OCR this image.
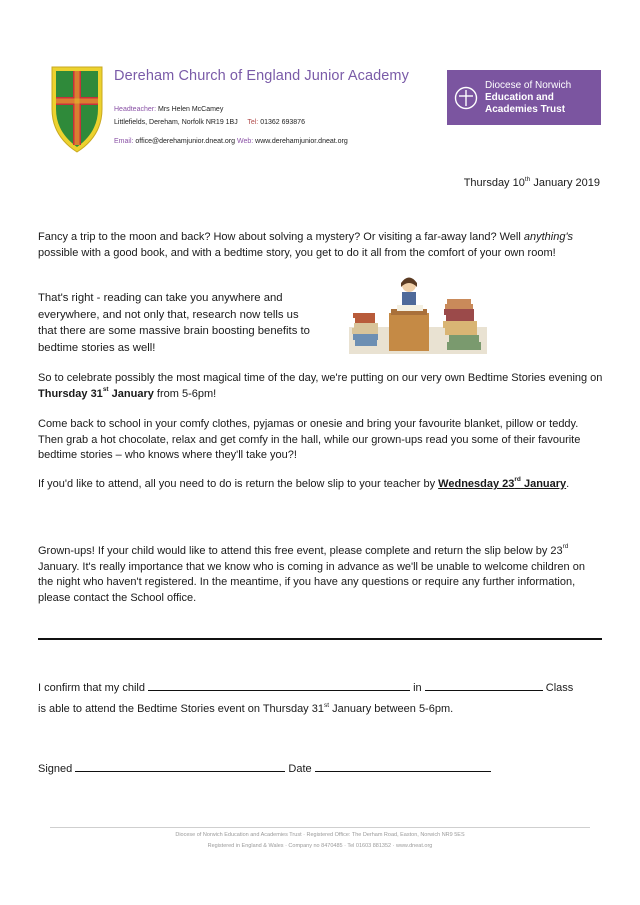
Dereham Church of England Junior Academy
Headteacher: Mrs Helen McCamey
Littlefields, Dereham, Norfolk NR19 1BJ Tel: 01362 693876
Email: office@derehamjunior.dneat.org Web: www.derehamjunior.dneat.org
Diocese of Norwich
Education and
Academies Trust
Thursday 10th January 2019
Fancy a trip to the moon and back? How about solving a mystery? Or visiting a far-away land? Well anything's possible with a good book, and with a bedtime story, you get to do it all from the comfort of your own room!
That's right - reading can take you anywhere and everywhere, and not only that, research now tells us that there are some massive brain boosting benefits to bedtime stories as well!
So to celebrate possibly the most magical time of the day, we're putting on our very own Bedtime Stories evening on Thursday 31st January from 5-6pm!
Come back to school in your comfy clothes, pyjamas or onesie and bring your favourite blanket, pillow or teddy. Then grab a hot chocolate, relax and get comfy in the hall, while our grown-ups read you some of their favourite bedtime stories – who knows where they'll take you?!
If you'd like to attend, all you need to do is return the below slip to your teacher by Wednesday 23rd January.
Grown-ups! If your child would like to attend this free event, please complete and return the slip below by 23rd January. It's really importance that we know who is coming in advance as we'll be unable to welcome children on the night who haven't registered. In the meantime, if you have any questions or require any further information, please contact the School office.
I confirm that my child	in	Class
is able to attend the Bedtime Stories event on Thursday 31st January between 5-6pm.
Signed	Date
Diocese of Norwich Education and Academies Trust · Registered Office: The Derham Road, Easton, Norwich NR9 5ES
Registered in England & Wales · Company no 8470485 · Tel 01603 881352 · www.dneat.org
